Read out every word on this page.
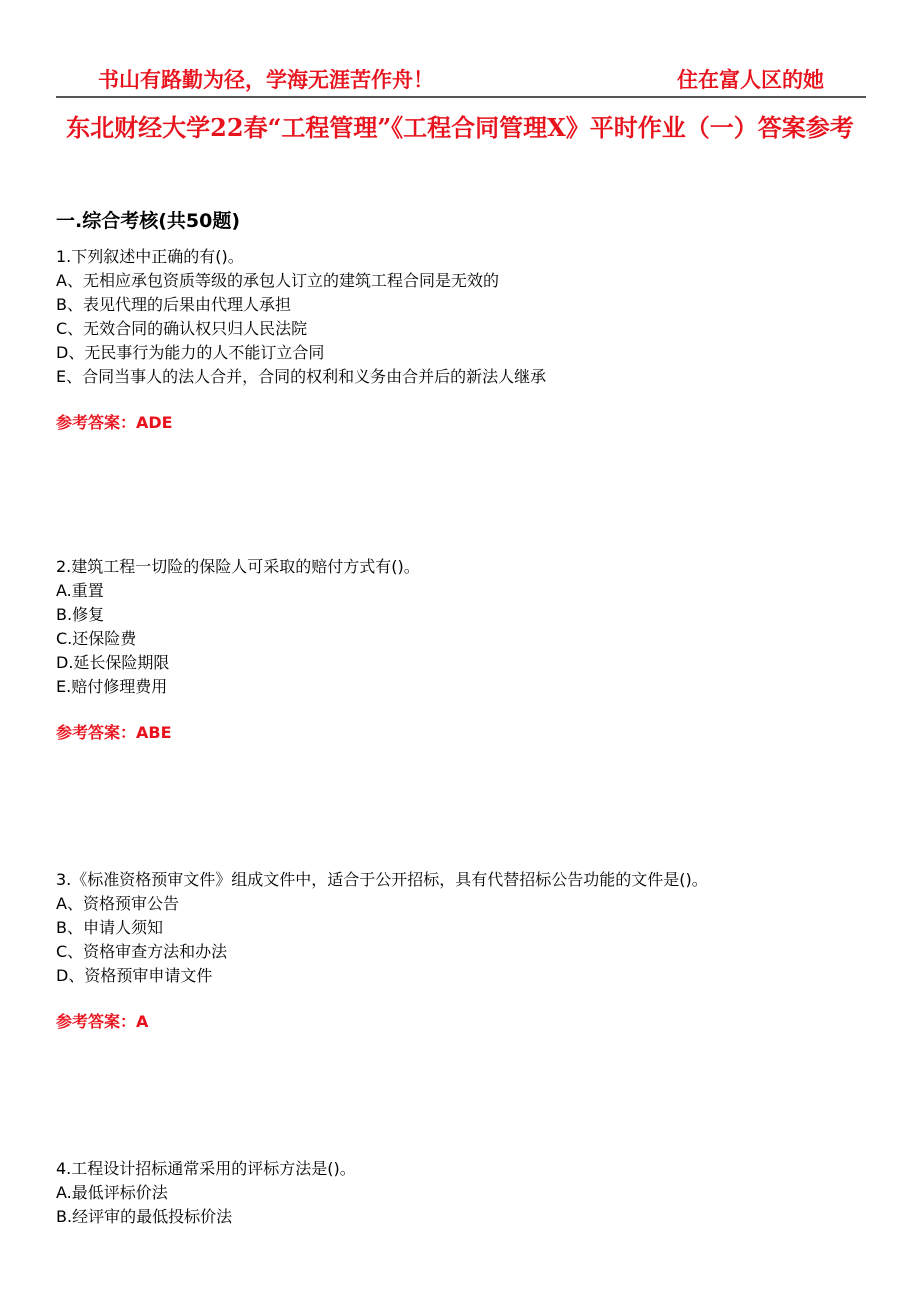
书山有路勤为径，学海无涯苦作舟！	住在富人区的她
东北财经大学22春“工程管理”《工程合同管理X》平时作业（一）答案参考
一.综合考核(共50题)
1.下列叙述中正确的有()。
A、无相应承包资质等级的承包人订立的建筑工程合同是无效的
B、表见代理的后果由代理人承担
C、无效合同的确认权只归人民法院
D、无民事行为能力的人不能订立合同
E、合同当事人的法人合并，合同的权利和义务由合并后的新法人继承
参考答案：ADE
2.建筑工程一切险的保险人可采取的赔付方式有()。
A.重置
B.修复
C.还保险费
D.延长保险期限
E.赔付修理费用
参考答案：ABE
3.《标准资格预审文件》组成文件中，适合于公开招标，具有代替招标公告功能的文件是()。
A、资格预审公告
B、申请人须知
C、资格审查方法和办法
D、资格预审申请文件
参考答案：A
4.工程设计招标通常采用的评标方法是()。
A.最低评标价法
B.经评审的最低投标价法
